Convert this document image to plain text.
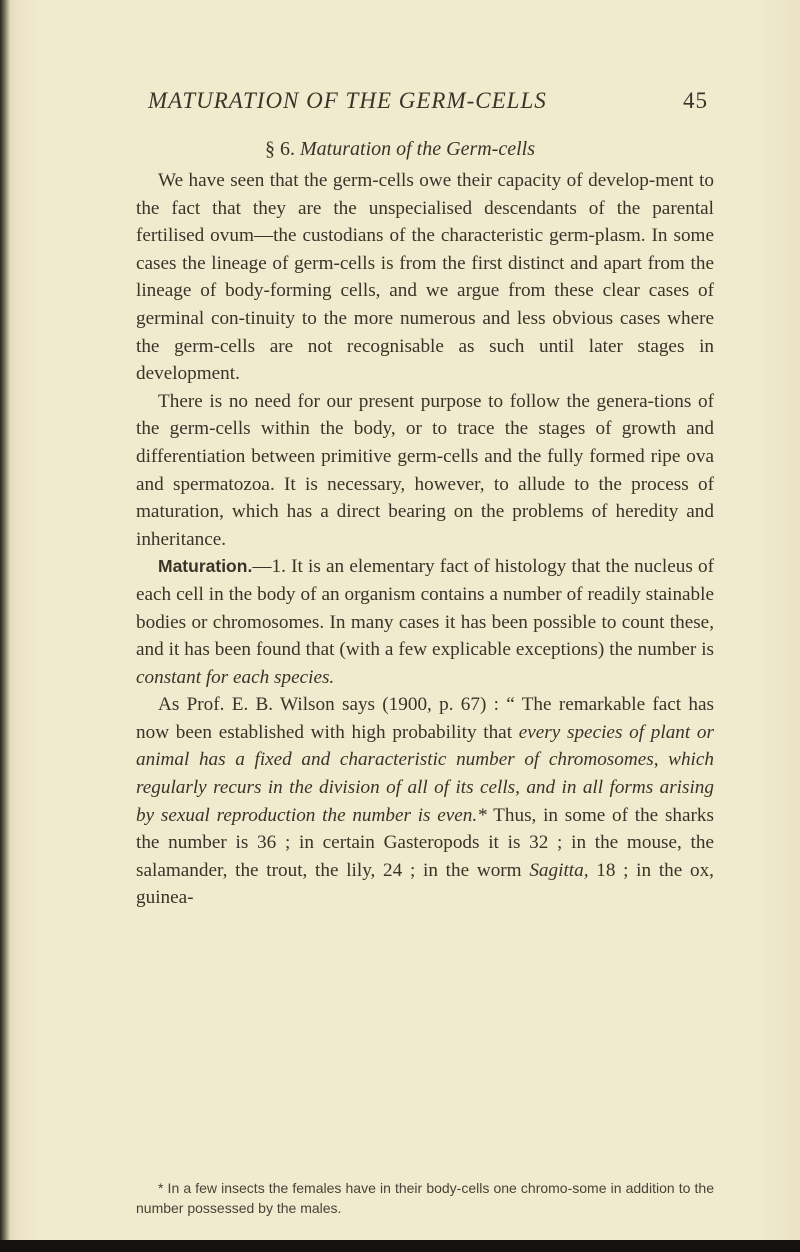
MATURATION OF THE GERM-CELLS	45
§ 6. Maturation of the Germ-cells

We have seen that the germ-cells owe their capacity of develop-ment to the fact that they are the unspecialised descendants of the parental fertilised ovum—the custodians of the characteristic germ-plasm. In some cases the lineage of germ-cells is from the first distinct and apart from the lineage of body-forming cells, and we argue from these clear cases of germinal con-tinuity to the more numerous and less obvious cases where the germ-cells are not recognisable as such until later stages in development.

There is no need for our present purpose to follow the genera-tions of the germ-cells within the body, or to trace the stages of growth and differentiation between primitive germ-cells and the fully formed ripe ova and spermatozoa. It is necessary, however, to allude to the process of maturation, which has a direct bearing on the problems of heredity and inheritance.

Maturation.—1. It is an elementary fact of histology that the nucleus of each cell in the body of an organism contains a number of readily stainable bodies or chromosomes. In many cases it has been possible to count these, and it has been found that (with a few explicable exceptions) the number is constant for each species.

As Prof. E. B. Wilson says (1900, p. 67) : “ The remarkable fact has now been established with high probability that every species of plant or animal has a fixed and characteristic number of chromosomes, which regularly recurs in the division of all of its cells, and in all forms arising by sexual reproduction the number is even.* Thus, in some of the sharks the number is 36 ; in certain Gasteropods it is 32 ; in the mouse, the salamander, the trout, the lily, 24 ; in the worm Sagitta, 18 ; in the ox, guinea-

* In a few insects the females have in their body-cells one chromo-some in addition to the number possessed by the males.
